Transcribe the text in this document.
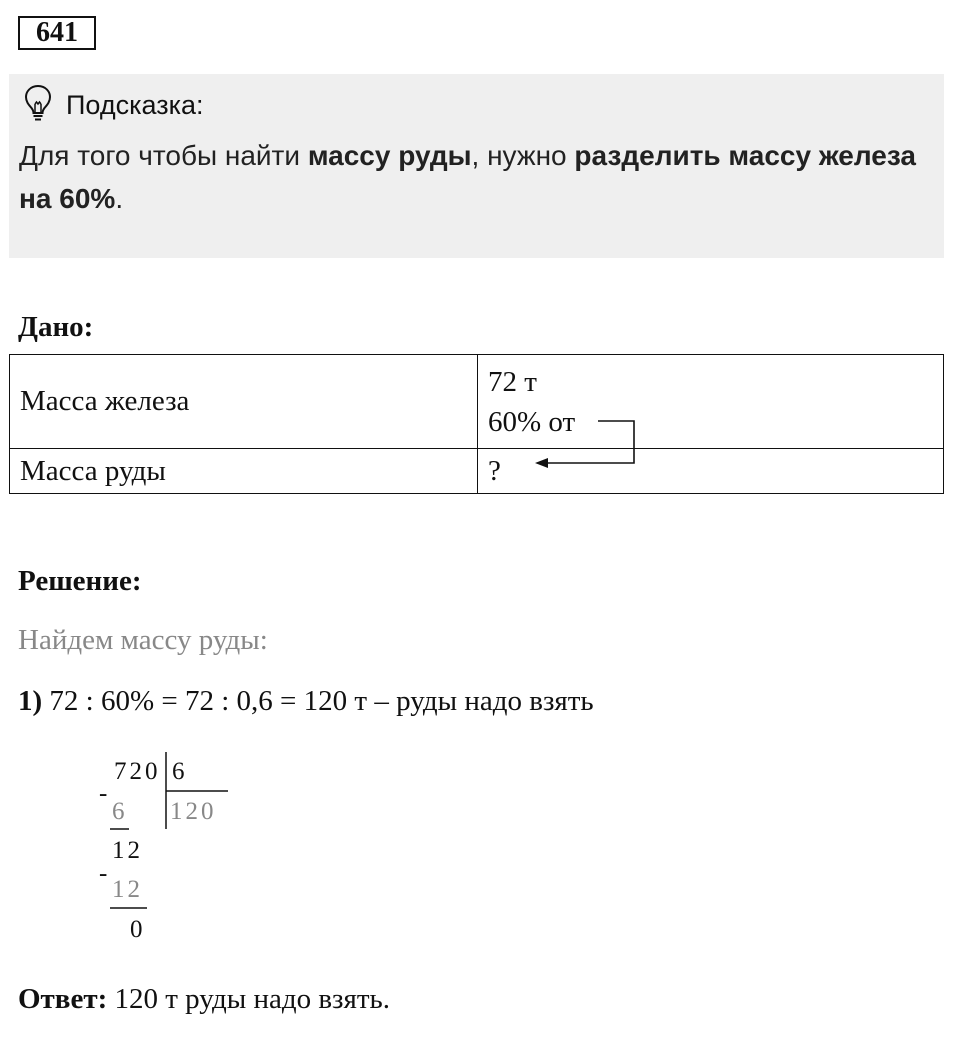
641
Подсказка:
Для того чтобы найти массу руды, нужно разделить массу железа на 60%.
Дано:
Масса железа	72 т
60% от

Масса руды	?
Решение:
Найдем массу руды:
1) 72 : 60% = 72 : 0,6 = 120 т – руды надо взять
720 6
120
-
6
12
-
12
0
Ответ: 120 т руды надо взять.
